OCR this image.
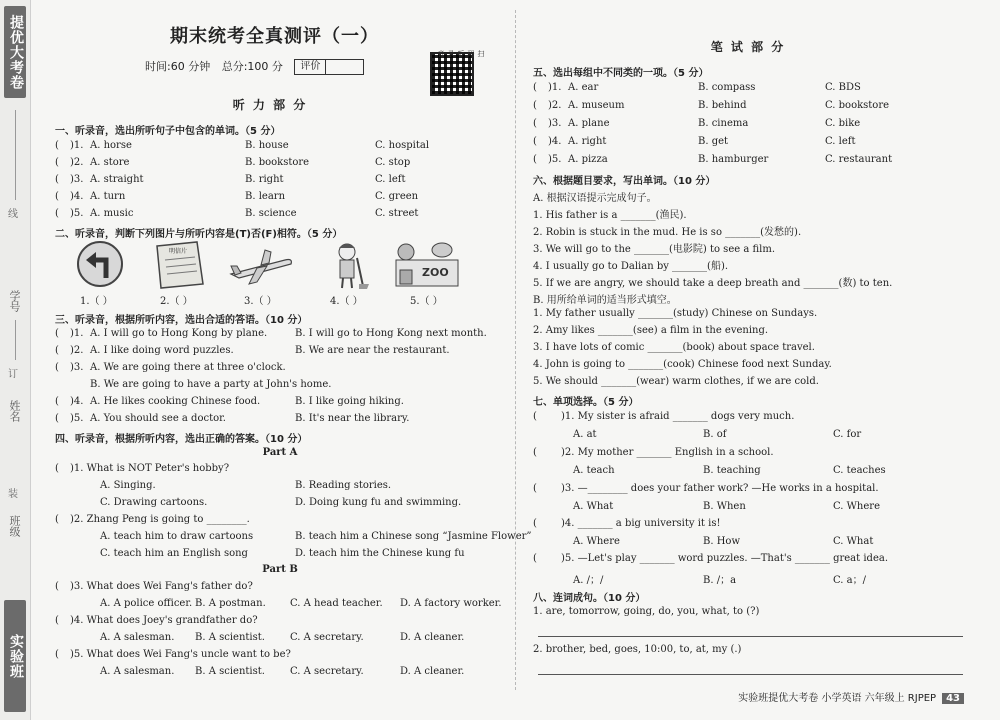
提优大考卷
线
学号
订
姓名
装
班级
实验班
期末统考全真测评（一）
时间:60 分钟 总分:100 分	评价
扫码听录音
听 力 部 分
一、听录音，选出所听句子中包含的单词。（5 分）
( )1. A. horse	B. house	C. hospital
( )2. A. store	B. bookstore	C. stop
( )3. A. straight	B. right	C. left
( )4. A. turn	B. learn	C. green
( )5. A. music	B. science	C. street
二、听录音，判断下列图片与所听内容是(T)否(F)相符。（5 分）
明信片
ZOO
1.（ ）	2.（ ）	3.（ ）	4.（ ）	5.（ ）
三、听录音，根据所听内容，选出合适的答语。（10 分）
( )1. A. I will go to Hong Kong by plane.	B. I will go to Hong Kong next month.
( )2. A. I like doing word puzzles.	B. We are near the restaurant.
( )3. A. We are going there at three o'clock.
B. We are going to have a party at John's home.
( )4. A. He likes cooking Chinese food.	B. I like going hiking.
( )5. A. You should see a doctor.	B. It's near the library.
四、听录音，根据所听内容，选出正确的答案。（10 分）
Part A
( )1. What is NOT Peter's hobby?
A. Singing.	B. Reading stories.
C. Drawing cartoons.	D. Doing kung fu and swimming.
( )2. Zhang Peng is going to ________.
A. teach him to draw cartoons	B. teach him a Chinese song “Jasmine Flower”
C. teach him an English song	D. teach him the Chinese kung fu
Part B
( )3. What does Wei Fang's father do?
A. A police officer. B. A postman. C. A head teacher. D. A factory worker.
( )4. What does Joey's grandfather do?
A. A salesman. B. A scientist.	C. A secretary.	D. A cleaner.
( )5. What does Wei Fang's uncle want to be?
A. A salesman. B. A scientist.	C. A secretary.	D. A cleaner.
笔 试 部 分
五、选出每组中不同类的一项。（5 分）
( )1. A. ear	B. compass	C. BDS
( )2. A. museum	B. behind	C. bookstore
( )3. A. plane	B. cinema	C. bike
( )4. A. right	B. get	C. left
( )5. A. pizza	B. hamburger	C. restaurant
六、根据题目要求，写出单词。（10 分）
A. 根据汉语提示完成句子。
1. His father is a _______(渔民).
2. Robin is stuck in the mud. He is so _______(发愁的).
3. We will go to the _______(电影院) to see a film.
4. I usually go to Dalian by _______(船).
5. If we are angry, we should take a deep breath and _______(数) to ten.
B. 用所给单词的适当形式填空。
1. My father usually _______(study) Chinese on Sundays.
2. Amy likes _______(see) a film in the evening.
3. I have lots of comic _______(book) about space travel.
4. John is going to _______(cook) Chinese food next Sunday.
5. We should _______(wear) warm clothes, if we are cold.
七、单项选择。（5 分）
( )1. My sister is afraid _______ dogs very much.
A. at	B. of	C. for
( )2. My mother _______ English in a school.
A. teach	B. teaching	C. teaches
( )3. —________ does your father work? —He works in a hospital.
A. What	B. When	C. Where
( )4. _______ a big university it is!
A. Where	B. How	C. What
( )5. —Let's play _______ word puzzles. —That's _______ great idea.
A. /；/	B. /；a	C. a；/
八、连词成句。（10 分）
1. are, tomorrow, going, do, you, what, to (?)
2. brother, bed, goes, 10:00, to, at, my (.)
实验班提优大考卷 小学英语 六年级上 RJPEP 43
